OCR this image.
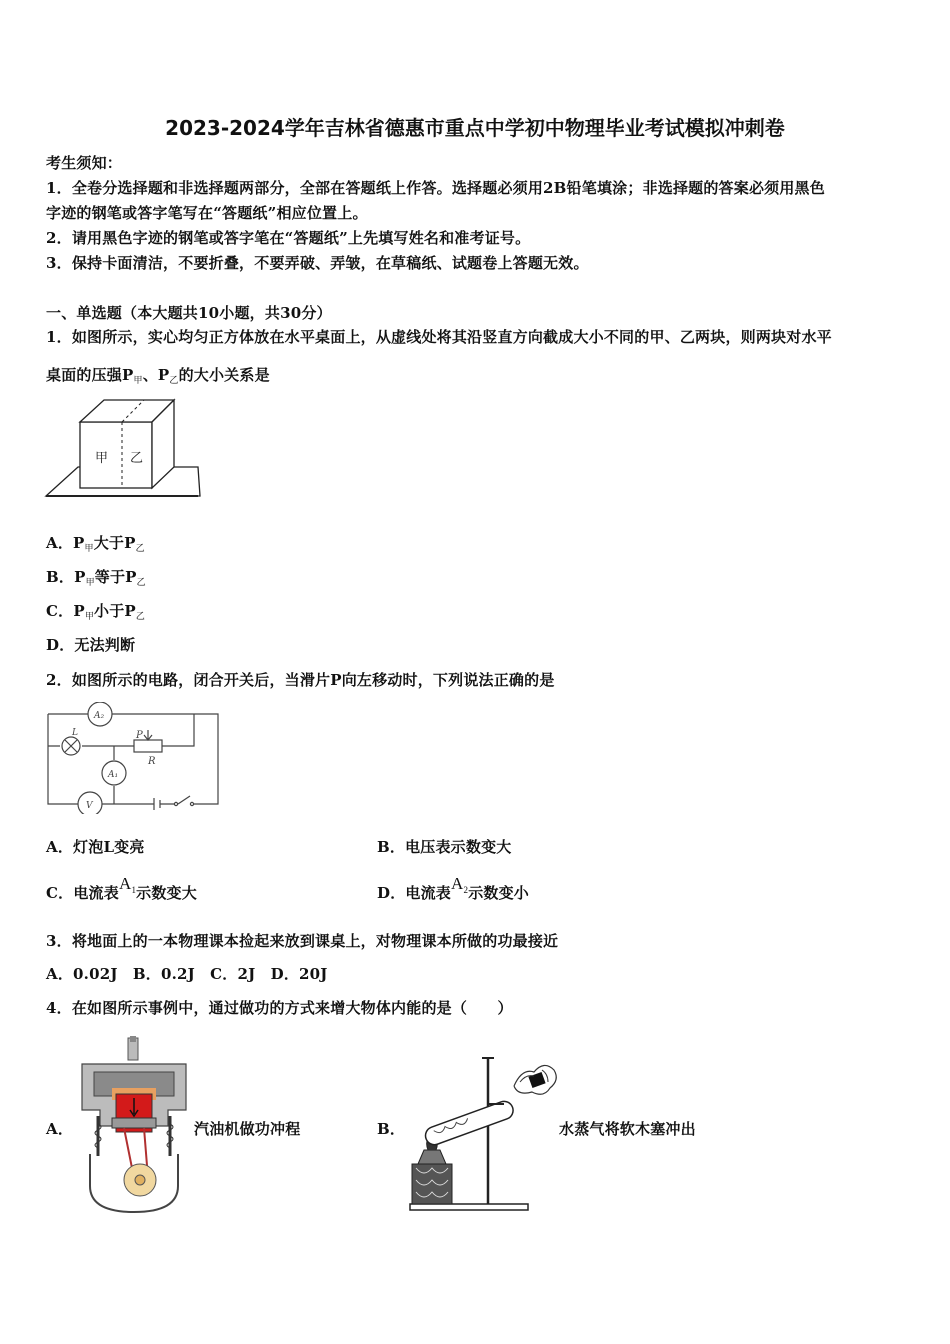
2023-2024学年吉林省德惠市重点中学初中物理毕业考试模拟冲刺卷
考生须知：
1．全卷分选择题和非选择题两部分，全部在答题纸上作答。选择题必须用2B铅笔填涂；非选择题的答案必须用黑色
字迹的钢笔或答字笔写在“答题纸”相应位置上。
2．请用黑色字迹的钢笔或答字笔在“答题纸”上先填写姓名和准考证号。
3．保持卡面清洁，不要折叠，不要弄破、弄皱，在草稿纸、试题卷上答题无效。
一、单选题（本大题共10小题，共30分）
1．如图所示，实心均匀正方体放在水平桌面上，从虚线处将其沿竖直方向截成大小不同的甲、乙两块，则两块对水平
桌面的压强$P_甲$、$P_乙$的大小关系是
甲 乙
A．$P_甲$大于$P_乙$
B．$P_甲$等于$P_乙$
C．$P_甲$小于$P_乙$
D．无法判断
2．如图所示的电路，闭合开关后，当滑片P向左移动时，下列说法正确的是
A₂
L	P
R
A₁
V
A．灯泡L变亮	B．电压表示数变大
C．电流表$A_1$示数变大	D．电流表$A_2$示数变小
3．将地面上的一本物理课本捡起来放到课桌上，对物理课本所做的功最接近
A．0.02J　B．0.2J　C．2J　D．20J
4．在如图所示事例中，通过做功的方式来增大物体内能的是（　　）
A．	汽油机做功冲程	B．	水蒸气将软木塞冲出
